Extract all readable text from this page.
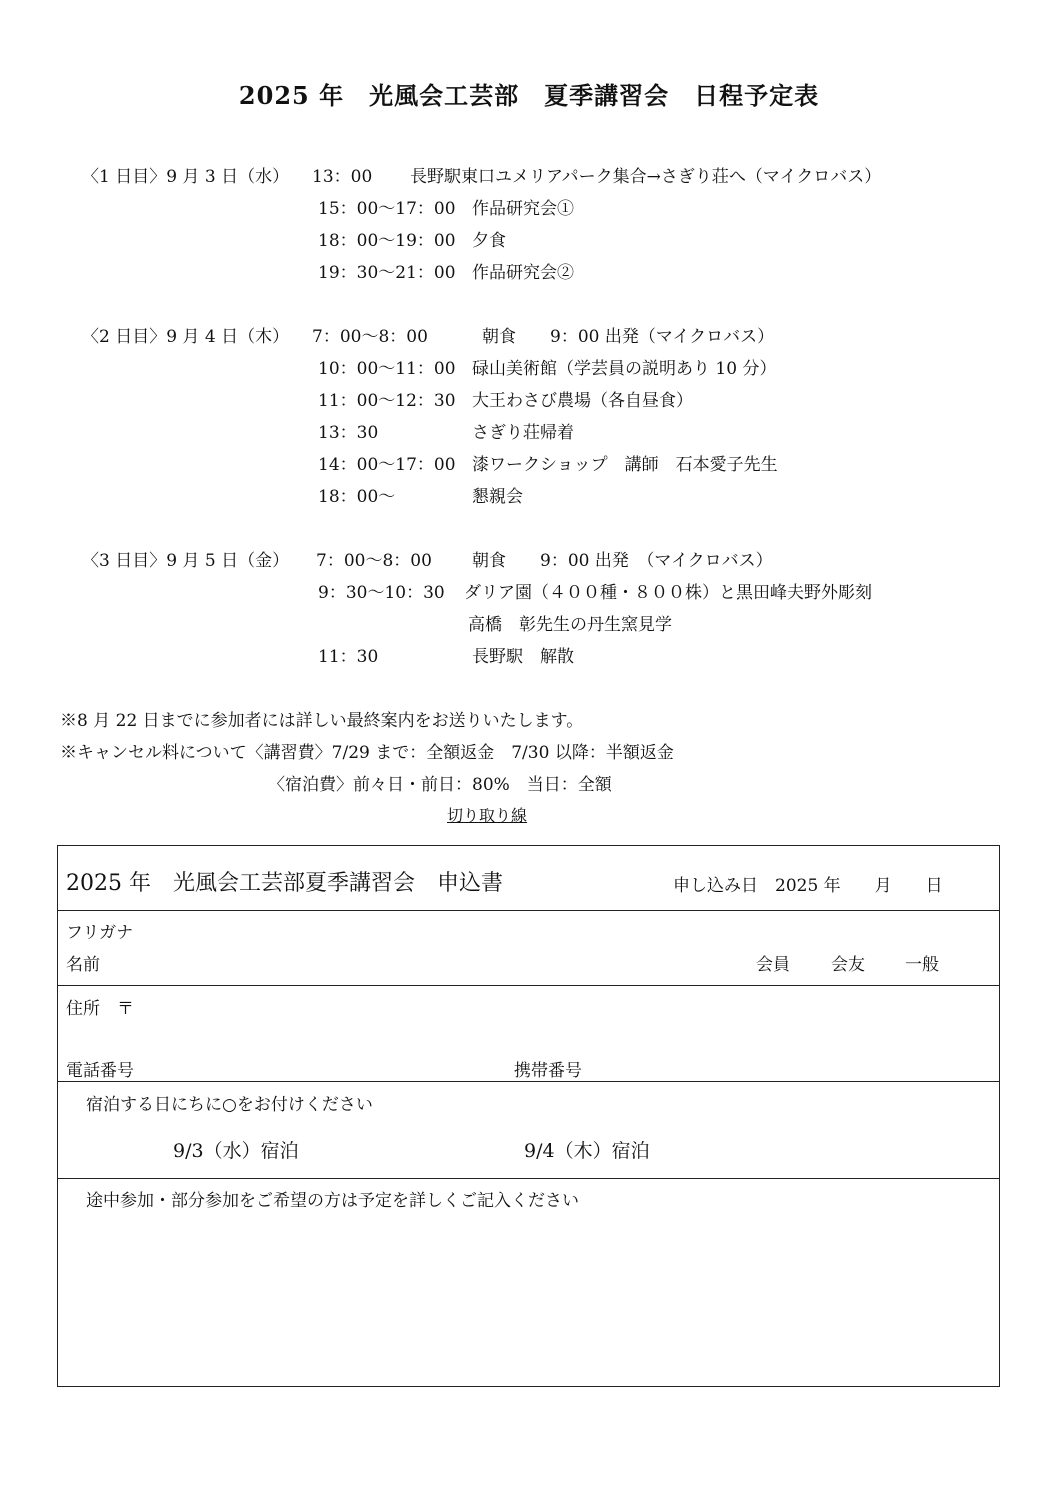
2025 年　光風会工芸部　夏季講習会　日程予定表
〈1 日目〉9 月 3 日（水） 13：00 長野駅東口ユメリアパーク集合→さぎり荘へ（マイクロバス）
15：00〜17：00 作品研究会①
18：00〜19：00 夕食
19：30〜21：00 作品研究会②
〈2 日目〉9 月 4 日（木） 7：00〜8：00	朝食　　9：00 出発（マイクロバス）
10：00〜11：00 碌山美術館（学芸員の説明あり 10 分）
11：00〜12：30 大王わさび農場（各自昼食）
13：30	さぎり荘帰着
14：00〜17：00 漆ワークショップ　講師　石本愛子先生
18：00〜	懇親会
〈3 日目〉9 月 5 日（金） 7：00〜8：00 朝食　　9：00 出発　（マイクロバス）
9：30〜10：30 ダリア園（４００種・８００株）と黒田峰夫野外彫刻
高橋　彰先生の丹生窯見学
11：30	長野駅　解散
※8 月 22 日までに参加者には詳しい最終案内をお送りいたします。
※キャンセル料について〈講習費〉7/29 まで：全額返金　7/30 以降：半額返金
〈宿泊費〉前々日・前日：80%　当日：全額
切り取り線
2025 年　光風会工芸部夏季講習会　申込書	申し込み日　2025 年　　月　　日
フリガナ
名前	会員 会友 一般
住所　〒
電話番号	携帯番号
宿泊する日にちに○をお付けください
9/3（水）宿泊	9/4（木）宿泊
途中参加・部分参加をご希望の方は予定を詳しくご記入ください
